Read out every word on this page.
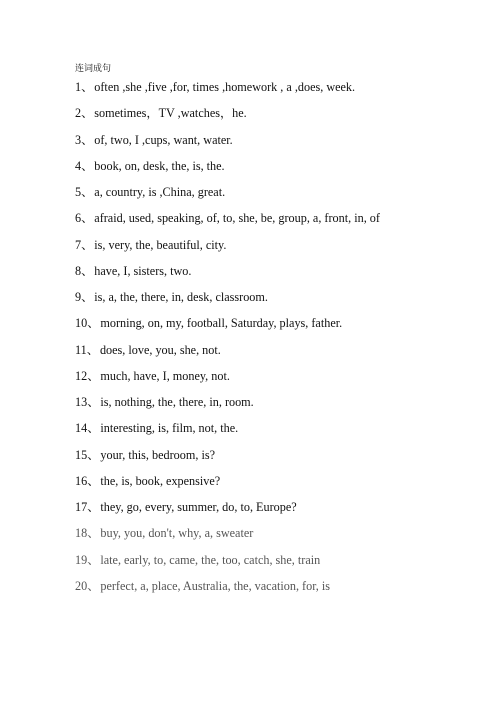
连词成句
1、often ,she ,five ,for, times ,homework , a ,does, week.
2、sometimes，TV ,watches，he.
3、of, two, I ,cups, want, water.
4、book, on, desk, the, is, the.
5、a, country, is ,China, great.
6、afraid, used, speaking, of, to, she, be, group, a, front, in, of
7、is, very, the, beautiful, city.
8、have, I, sisters, two.
9、is, a, the, there, in, desk, classroom.
10、morning, on, my, football, Saturday, plays, father.
11、does, love, you, she, not.
12、much, have, I, money, not.
13、is, nothing, the, there, in, room.
14、interesting, is, film, not, the.
15、your, this, bedroom, is?
16、the, is, book, expensive?
17、they, go, every, summer, do, to, Europe?
18、buy, you, don't, why, a, sweater
19、late, early, to, came, the, too, catch, she, train
20、perfect, a, place, Australia, the, vacation, for, is
